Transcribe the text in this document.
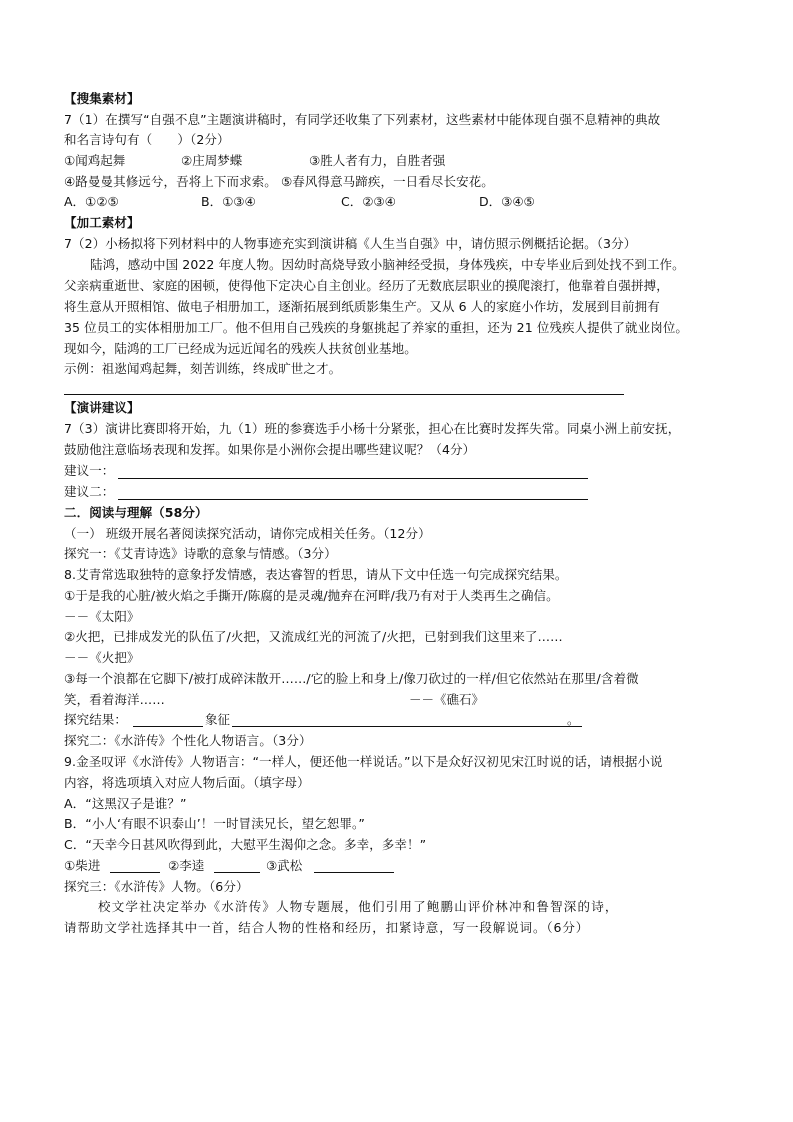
【搜集素材】
7（1）在撰写“自强不息”主题演讲稿时，有同学还收集了下列素材，这些素材中能体现自强不息精神的典故
和名言诗句有（　　）（2分）
①闻鸡起舞	②庄周梦蝶	③胜人者有力，自胜者强
④路曼曼其修远兮，吾将上下而求索。 ⑤春风得意马蹄疾，一日看尽长安花。
A．①②⑤	B．①③④	C．②③④	D．③④⑤
【加工素材】
7（2）小杨拟将下列材料中的人物事迹充实到演讲稿《人生当自强》中，请仿照示例概括论据。（3分）
陆鸿，感动中国 2022 年度人物。因幼时高烧导致小脑神经受损，身体残疾，中专毕业后到处找不到工作。
父亲病重逝世、家庭的困顿，使得他下定决心自主创业。经历了无数底层职业的摸爬滚打，他靠着自强拼搏，
将生意从开照相馆、做电子相册加工，逐渐拓展到纸质影集生产。又从 6 人的家庭小作坊，发展到目前拥有
35 位员工的实体相册加工厂。他不但用自己残疾的身躯挑起了养家的重担，还为 21 位残疾人提供了就业岗位。
现如今，陆鸿的工厂已经成为远近闻名的残疾人扶贫创业基地。
示例：祖逖闻鸡起舞，刻苦训练，终成旷世之才。
【演讲建议】
7（3）演讲比赛即将开始，九（1）班的参赛选手小杨十分紧张，担心在比赛时发挥失常。同桌小洲上前安抚，
鼓励他注意临场表现和发挥。如果你是小洲你会提出哪些建议呢？（4分）
建议一：
建议二：
二．阅读与理解（58分）
（一） 班级开展名著阅读探究活动，请你完成相关任务。（12分）
探究一：《艾青诗选》诗歌的意象与情感。（3分）
8.艾青常选取独特的意象抒发情感，表达睿智的哲思，请从下文中任选一句完成探究结果。
①于是我的心脏/被火焰之手撕开/陈腐的是灵魂/抛弃在河畔/我乃有对于人类再生之确信。
－－《太阳》
②火把，已排成发光的队伍了/火把，又流成红光的河流了/火把，已射到我们这里来了……
－－《火把》
③每一个浪都在它脚下/被打成碎沫散开……/它的脸上和身上/像刀砍过的一样/但它依然站在那里/含着微
笑，看着海洋……	－－《礁石》
探究结果：	象征	。
探究二：《水浒传》个性化人物语言。（3分）
9.金圣叹评《水浒传》人物语言：“一样人，便还他一样说话。”以下是众好汉初见宋江时说的话，请根据小说
内容，将选项填入对应人物后面。（填字母）
A．“这黑汉子是谁？”
B．“小人‘有眼不识泰山’！一时冒渎兄长，望乞恕罪。”
C．“天幸今日甚风吹得到此，大慰平生渴仰之念。多幸，多幸！”
①柴进	②李逵	③武松
探究三：《水浒传》人物。（6分）
校文学社决定举办《水浒传》人物专题展，他们引用了鲍鹏山评价林冲和鲁智深的诗，
请帮助文学社选择其中一首，结合人物的性格和经历，扣紧诗意，写一段解说词。（6分）
